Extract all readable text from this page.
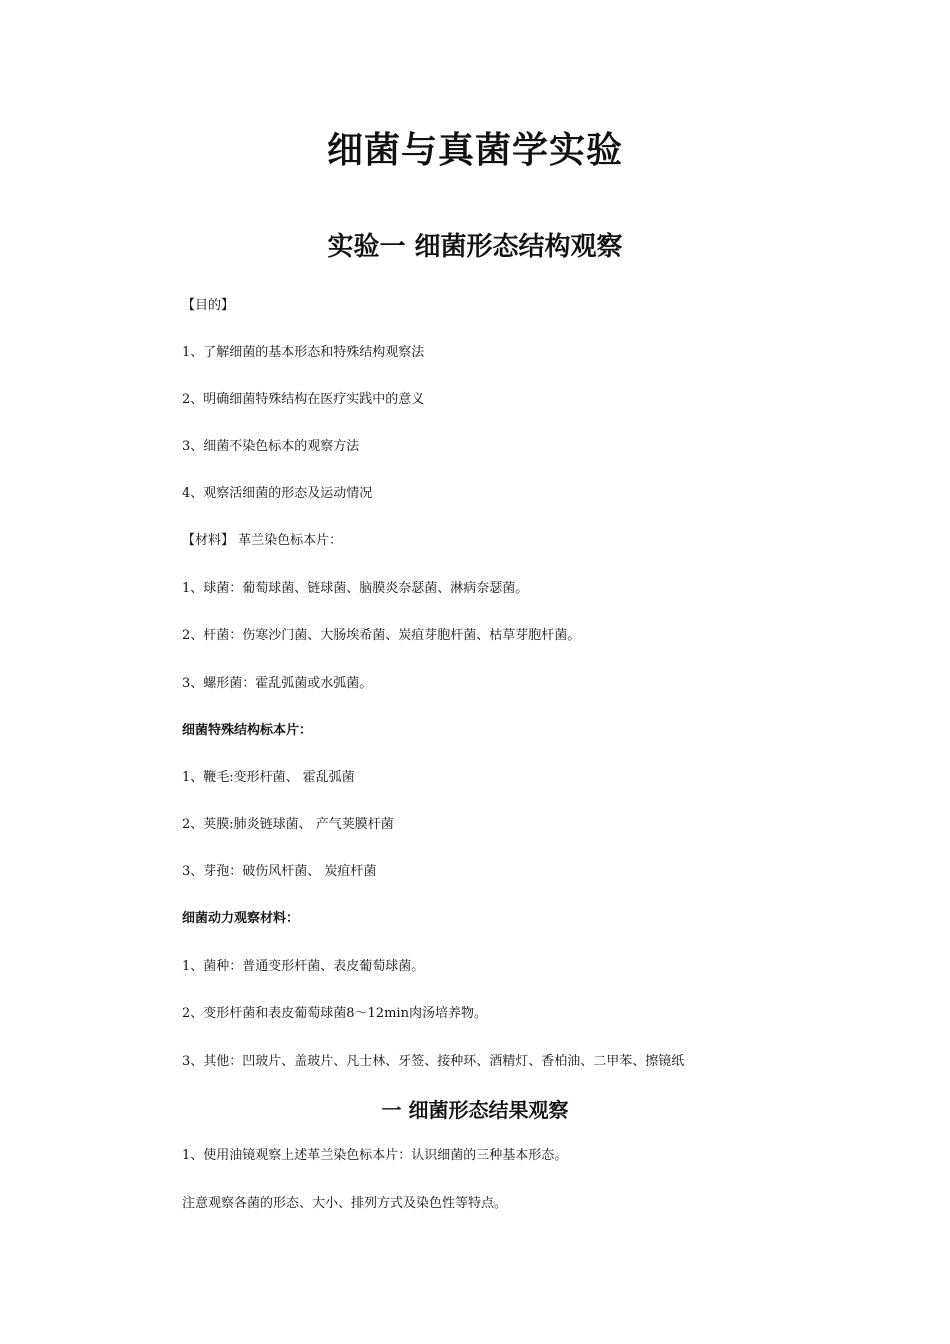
细菌与真菌学实验
实验一 细菌形态结构观察
【目的】
1、了解细菌的基本形态和特殊结构观察法
2、明确细菌特殊结构在医疗实践中的意义
3、细菌不染色标本的观察方法
4、观察活细菌的形态及运动情况
【材料】 革兰染色标本片：
1、球菌：葡萄球菌、链球菌、脑膜炎奈瑟菌、淋病奈瑟菌。
2、杆菌：伤寒沙门菌、大肠埃希菌、炭疽芽胞杆菌、枯草芽胞杆菌。
3、螺形菌：霍乱弧菌或水弧菌。
细菌特殊结构标本片：
1、鞭毛:变形杆菌、 霍乱弧菌
2、荚膜:肺炎链球菌、 产气荚膜杆菌
3、芽孢：破伤风杆菌、 炭疽杆菌
细菌动力观察材料：
1、菌种：普通变形杆菌、表皮葡萄球菌。
2、变形杆菌和表皮葡萄球菌8～12min肉汤培养物。
3、其他：凹玻片、盖玻片、凡士林、牙签、接种环、酒精灯、香柏油、二甲苯、擦镜纸
一 细菌形态结果观察
1、使用油镜观察上述革兰染色标本片：认识细菌的三种基本形态。
注意观察各菌的形态、大小、排列方式及染色性等特点。
